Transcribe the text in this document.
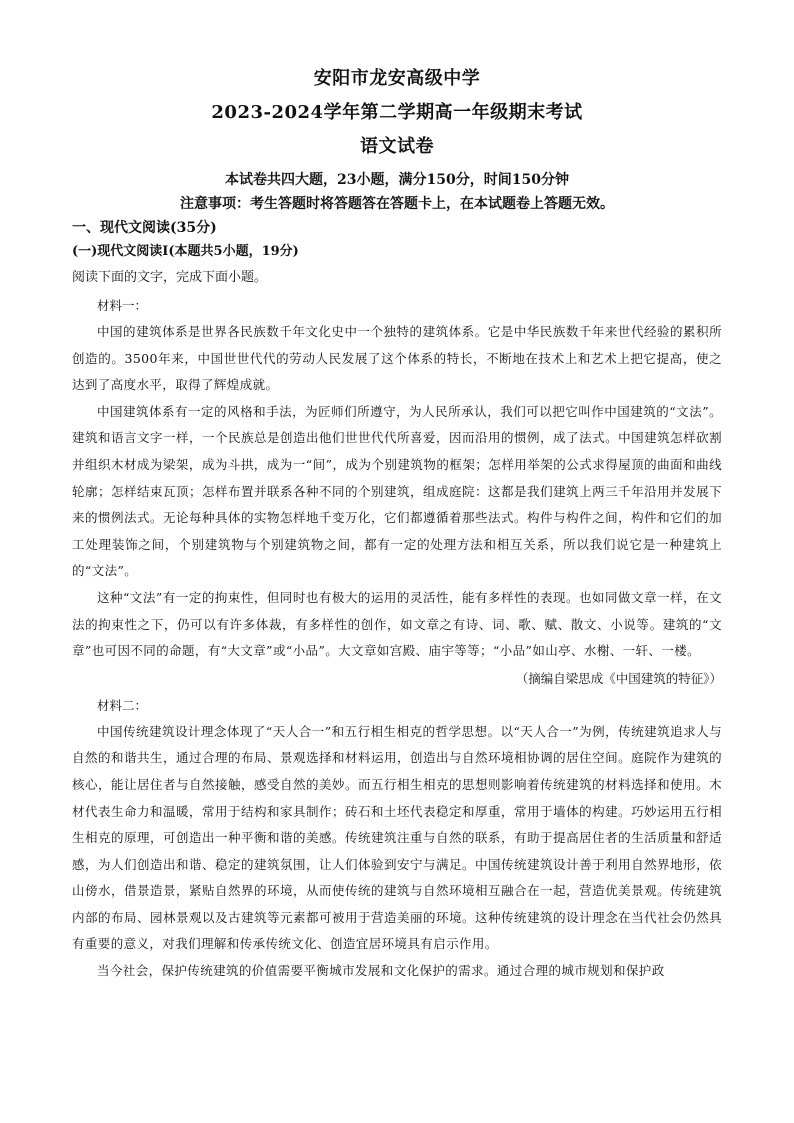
安阳市龙安高级中学
2023-2024学年第二学期高一年级期末考试
语文试卷
本试卷共四大题，23小题，满分150分，时间150分钟
注意事项：考生答题时将答题答在答题卡上，在本试题卷上答题无效。
一、现代文阅读(35分)
(一)现代文阅读Ⅰ(本题共5小题，19分)
阅读下面的文字，完成下面小题。
材料一：

中国的建筑体系是世界各民族数千年文化史中一个独特的建筑体系。它是中华民族数千年来世代经验的累积所创造的。3500年来，中国世世代代的劳动人民发展了这个体系的特长，不断地在技术上和艺术上把它提高，使之达到了高度水平，取得了辉煌成就。

中国建筑体系有一定的风格和手法，为匠师们所遵守，为人民所承认，我们可以把它叫作中国建筑的“文法”。建筑和语言文字一样，一个民族总是创造出他们世世代代所喜爱，因而沿用的惯例，成了法式。中国建筑怎样砍割并组织木材成为梁架，成为斗拱，成为一“间”，成为个别建筑物的框架；怎样用举架的公式求得屋顶的曲面和曲线轮廓；怎样结束瓦顶；怎样布置并联系各种不同的个别建筑，组成庭院：这都是我们建筑上两三千年沿用并发展下来的惯例法式。无论每种具体的实物怎样地千变万化，它们都遵循着那些法式。构件与构件之间，构件和它们的加工处理装饰之间，个别建筑物与个别建筑物之间，都有一定的处理方法和相互关系，所以我们说它是一种建筑上的“文法”。

这种“文法”有一定的拘束性，但同时也有极大的运用的灵活性，能有多样性的表现。也如同做文章一样，在文法的拘束性之下，仍可以有许多体裁，有多样性的创作，如文章之有诗、词、歌、赋、散文、小说等。建筑的“文章”也可因不同的命题，有“大文章”或“小品”。大文章如宫殿、庙宇等等；“小品”如山亭、水榭、一轩、一楼。

（摘编自梁思成《中国建筑的特征》）
材料二：

中国传统建筑设计理念体现了“天人合一”和五行相生相克的哲学思想。以“天人合一”为例，传统建筑追求人与自然的和谐共生，通过合理的布局、景观选择和材料运用，创造出与自然环境相协调的居住空间。庭院作为建筑的核心，能让居住者与自然接触，感受自然的美妙。而五行相生相克的思想则影响着传统建筑的材料选择和使用。木材代表生命力和温暖，常用于结构和家具制作；砖石和土坯代表稳定和厚重，常用于墙体的构建。巧妙运用五行相生相克的原理，可创造出一种平衡和谐的美感。传统建筑注重与自然的联系，有助于提高居住者的生活质量和舒适感，为人们创造出和谐、稳定的建筑氛围，让人们体验到安宁与满足。中国传统建筑设计善于利用自然界地形，依山傍水，借景造景，紧贴自然界的环境，从而使传统的建筑与自然环境相互融合在一起，营造优美景观。传统建筑内部的布局、园林景观以及古建筑等元素都可被用于营造美丽的环境。这种传统建筑的设计理念在当代社会仍然具有重要的意义，对我们理解和传承传统文化、创造宜居环境具有启示作用。

当今社会，保护传统建筑的价值需要平衡城市发展和文化保护的需求。通过合理的城市规划和保护政
